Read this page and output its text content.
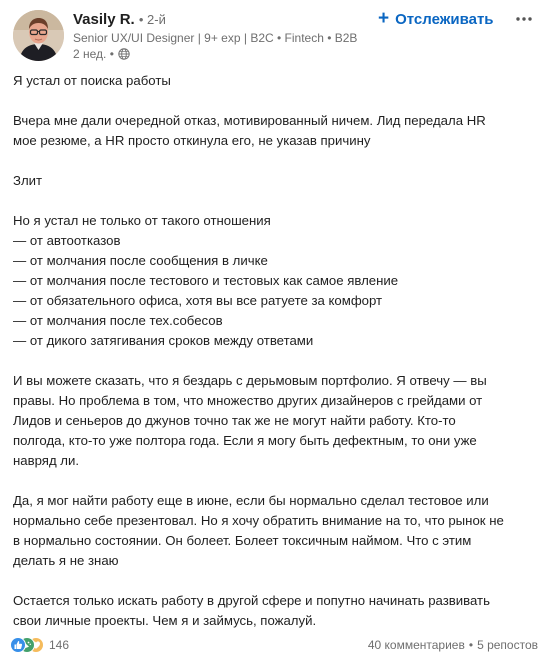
Vasily R. • 2-й
Senior UX/UI Designer | 9+ exp | B2C • Fintech • B2B
2 нед. •
+ Отслеживать

Я устал от поиска работы

Вчера мне дали очередной отказ, мотивированный ничем. Лид передала HR

мое резюме, а HR просто откинула его, не указав причину

Злит

Но я устал не только от такого отношения

— от автоотказов

— от молчания после сообщения в личке

— от молчания после тестового и тестовых как самое явление

— от обязательного офиса, хотя вы все ратуете за комфорт

— от молчания после тех.собесов

— от дикого затягивания сроков между ответами

И вы можете сказать, что я бездарь с дерьмовым портфолио. Я отвечу — вы

правы. Но проблема в том, что множество других дизайнеров с грейдами от

Лидов и сеньеров до джунов точно так же не могут найти работу. Кто-то

полгода, кто-то уже полтора года. Если я могу быть дефектным, то они уже

навряд ли.

Да, я мог найти работу еще в июне, если бы нормально сделал тестовое или

нормально себе презентовал. Но я хочу обратить внимание на то, что рынок не

в нормально состоянии. Он болеет. Болеет токсичным наймом. Что с этим

делать я не знаю

Остается только искать работу в другой сфере и попутно начинать развивать

свои личные проекты. Чем я и займусь, пожалуй.

146	40 комментариев • 5 репостов
